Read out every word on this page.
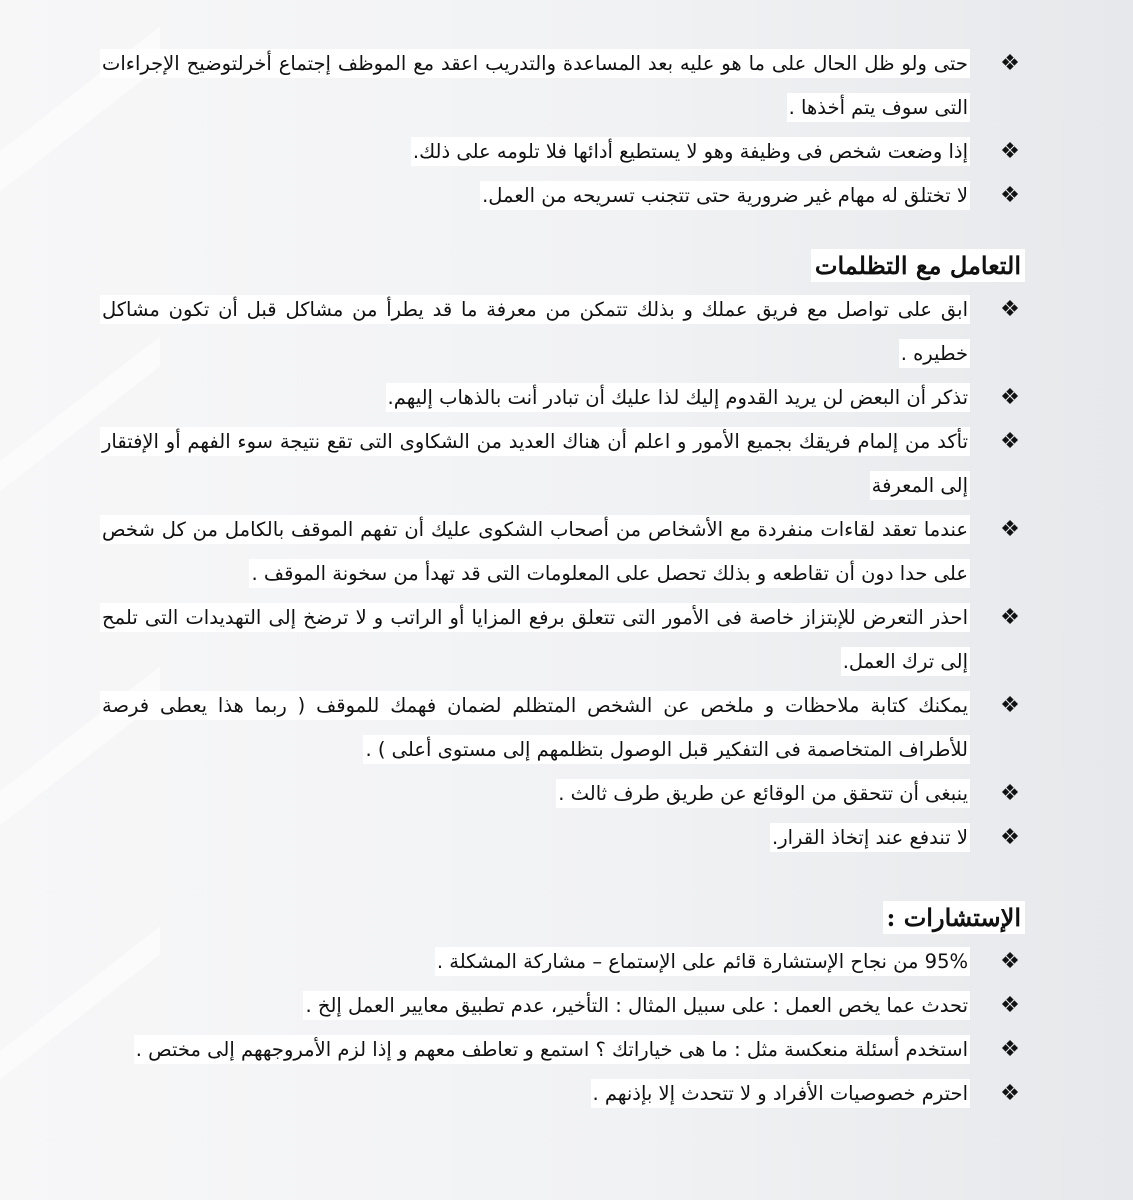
❖
حتى ولو ظل الحال على ما هو عليه بعد المساعدة والتدريب اعقد مع الموظف إجتماع أخرلتوضيح الإجراءات التى سوف يتم أخذها .
❖
إذا وضعت شخص فى وظيفة وهو لا يستطيع أدائها فلا تلومه على ذلك.
❖
لا تختلق له مهام غير ضرورية حتى تتجنب تسريحه من العمل.
التعامل مع التظلمات
❖
ابق على تواصل مع فريق عملك و بذلك تتمكن من معرفة ما قد يطرأ من مشاكل قبل أن تكون مشاكل خطيره .
❖
تذكر أن البعض لن يريد القدوم إليك لذا عليك أن تبادر أنت بالذهاب إليهم.
❖
تأكد من إلمام فريقك بجميع الأمور و اعلم أن هناك العديد من الشكاوى التى تقع نتيجة سوء الفهم أو الإفتقار إلى المعرفة
❖
عندما تعقد لقاءات منفردة مع الأشخاص من أصحاب الشكوى عليك أن تفهم الموقف بالكامل من كل شخص على حدا دون أن تقاطعه و بذلك تحصل على المعلومات التى قد تهدأ من سخونة الموقف .
❖
احذر التعرض للإبتزاز خاصة فى الأمور التى تتعلق برفع المزايا أو الراتب و لا ترضخ إلى التهديدات التى تلمح إلى ترك العمل.
❖
يمكنك كتابة ملاحظات و ملخص عن الشخص المتظلم لضمان فهمك للموقف ( ربما هذا يعطى فرصة للأطراف المتخاصمة فى التفكير قبل الوصول بتظلمهم إلى مستوى أعلى ) .
❖
ينبغى أن تتحقق من الوقائع عن طريق طرف ثالث .
❖
لا تندفع عند إتخاذ القرار.
الإستشارات :
❖
95% من نجاح الإستشارة قائم على الإستماع – مشاركة المشكلة .
❖
تحدث عما يخص العمل : على سبيل المثال : التأخير، عدم تطبيق معايير العمل إلخ .
❖
استخدم أسئلة منعكسة مثل : ما هى خياراتك ؟ استمع و تعاطف معهم و إذا لزم الأمروجههم إلى مختص .
❖
احترم خصوصيات الأفراد و لا تتحدث إلا بإذنهم .
